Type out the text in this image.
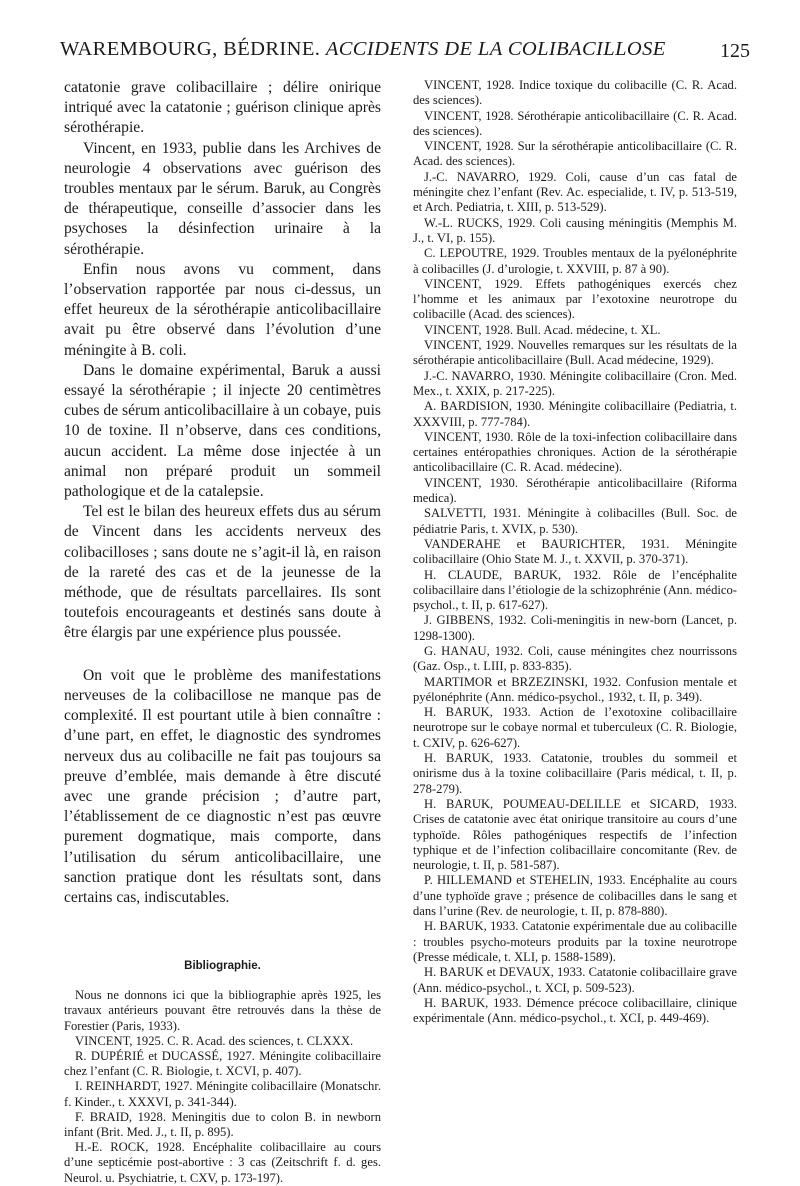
WAREMBOURG, BÉDRINE. ACCIDENTS DE LA COLIBACILLOSE	125

catatonie grave colibacillaire ; délire onirique intriqué avec la catatonie ; guérison clinique après sérothérapie.

Vincent, en 1933, publie dans les Archives de neurologie 4 observations avec guérison des troubles mentaux par le sérum. Baruk, au Congrès de thérapeutique, conseille d’associer dans les psychoses la désinfection urinaire à la sérothérapie.

Enfin nous avons vu comment, dans l’observation rapportée par nous ci-dessus, un effet heureux de la sérothérapie anticolibacillaire avait pu être observé dans l’évolution d’une méningite à B. coli.

Dans le domaine expérimental, Baruk a aussi essayé la sérothérapie ; il injecte 20 centimètres cubes de sérum anticolibacillaire à un cobaye, puis 10 de toxine. Il n’observe, dans ces conditions, aucun accident. La même dose injectée à un animal non préparé produit un sommeil pathologique et de la catalepsie.

Tel est le bilan des heureux effets dus au sérum de Vincent dans les accidents nerveux des colibacilloses ; sans doute ne s’agit-il là, en raison de la rareté des cas et de la jeunesse de la méthode, que de résultats parcellaires. Ils sont toutefois encourageants et destinés sans doute à être élargis par une expérience plus poussée.

On voit que le problème des manifestations nerveuses de la colibacillose ne manque pas de complexité. Il est pourtant utile à bien connaître : d’une part, en effet, le diagnostic des syndromes nerveux dus au colibacille ne fait pas toujours sa preuve d’emblée, mais demande à être discuté avec une grande précision ; d’autre part, l’établissement de ce diagnostic n’est pas œuvre purement dogmatique, mais comporte, dans l’utilisation du sérum anticolibacillaire, une sanction pratique dont les résultats sont, dans certains cas, indiscutables.

Bibliographie.

Nous ne donnons ici que la bibliographie après 1925, les travaux antérieurs pouvant être retrouvés dans la thèse de Forestier (Paris, 1933).

VINCENT, 1925. C. R. Acad. des sciences, t. CLXXX.

R. DUPÉRIÉ et DUCASSÉ, 1927. Méningite colibacillaire chez l’enfant (C. R. Biologie, t. XCVI, p. 407).

I. REINHARDT, 1927. Méningite colibacillaire (Monatschr. f. Kinder., t. XXXVI, p. 341-344).

F. BRAID, 1928. Meningitis due to colon B. in newborn infant (Brit. Med. J., t. II, p. 895).

H.-E. ROCK, 1928. Encéphalite colibacillaire au cours d’une septicémie post-abortive : 3 cas (Zeitschrift f. d. ges. Neurol. u. Psychiatrie, t. CXV, p. 173-197).

VINCENT, 1928. Indice toxique du colibacille (C. R. Acad. des sciences).

VINCENT, 1928. Sérothérapie anticolibacillaire (C. R. Acad. des sciences).

VINCENT, 1928. Sur la sérothérapie anticolibacillaire (C. R. Acad. des sciences).

J.-C. NAVARRO, 1929. Coli, cause d’un cas fatal de méningite chez l’enfant (Rev. Ac. especialide, t. IV, p. 513-519, et Arch. Pediatria, t. XIII, p. 513-529).

W.-L. RUCKS, 1929. Coli causing méningitis (Memphis M. J., t. VI, p. 155).

C. LEPOUTRE, 1929. Troubles mentaux de la pyélonéphrite à colibacilles (J. d’urologie, t. XXVIII, p. 87 à 90).

VINCENT, 1929. Effets pathogéniques exercés chez l’homme et les animaux par l’exotoxine neurotrope du colibacille (Acad. des sciences).

VINCENT, 1928. Bull. Acad. médecine, t. XL.

VINCENT, 1929. Nouvelles remarques sur les résultats de la sérothérapie anticolibacillaire (Bull. Acad médecine, 1929).

J.-C. NAVARRO, 1930. Méningite colibacillaire (Cron. Med. Mex., t. XXIX, p. 217-225).

A. BARDISION, 1930. Méningite colibacillaire (Pediatria, t. XXXVIII, p. 777-784).

VINCENT, 1930. Rôle de la toxi-infection colibacillaire dans certaines entéropathies chroniques. Action de la sérothérapie anticolibacillaire (C. R. Acad. médecine).

VINCENT, 1930. Sérothérapie anticolibacillaire (Riforma medica).

SALVETTI, 1931. Méningite à colibacilles (Bull. Soc. de pédiatrie Paris, t. XVIX, p. 530).

VANDERAHE et BAURICHTER, 1931. Méningite colibacillaire (Ohio State M. J., t. XXVII, p. 370-371).

H. CLAUDE, BARUK, 1932. Rôle de l’encéphalite colibacillaire dans l’étiologie de la schizophrénie (Ann. médico-psychol., t. II, p. 617-627).

J. GIBBENS, 1932. Coli-meningitis in new-born (Lancet, p. 1298-1300).

G. HANAU, 1932. Coli, cause méningites chez nourrissons (Gaz. Osp., t. LIII, p. 833-835).

MARTIMOR et BRZEZINSKI, 1932. Confusion mentale et pyélonéphrite (Ann. médico-psychol., 1932, t. II, p. 349).

H. BARUK, 1933. Action de l’exotoxine colibacillaire neurotrope sur le cobaye normal et tuberculeux (C. R. Biologie, t. CXIV, p. 626-627).

H. BARUK, 1933. Catatonie, troubles du sommeil et onirisme dus à la toxine colibacillaire (Paris médical, t. II, p. 278-279).

H. BARUK, POUMEAU-DELILLE et SICARD, 1933. Crises de catatonie avec état onirique transitoire au cours d’une typhoïde. Rôles pathogéniques respectifs de l’infection typhique et de l’infection colibacillaire concomitante (Rev. de neurologie, t. II, p. 581-587).

P. HILLEMAND et STEHELIN, 1933. Encéphalite au cours d’une typhoïde grave ; présence de colibacilles dans le sang et dans l’urine (Rev. de neurologie, t. II, p. 878-880).

H. BARUK, 1933. Catatonie expérimentale due au colibacille : troubles psycho-moteurs produits par la toxine neurotrope (Presse médicale, t. XLI, p. 1588-1589).

H. BARUK et DEVAUX, 1933. Catatonie colibacillaire grave (Ann. médico-psychol., t. XCI, p. 509-523).

H. BARUK, 1933. Démence précoce colibacillaire, clinique expérimentale (Ann. médico-psychol., t. XCI, p. 449-469).
